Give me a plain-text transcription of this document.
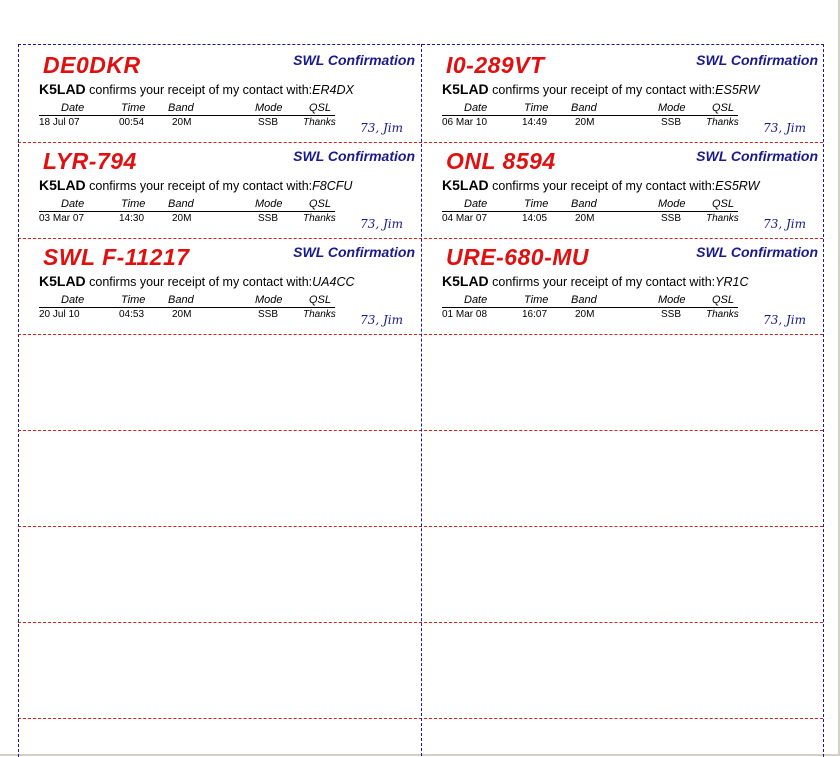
DE0DKR	SWL Confirmation
K5LAD confirms your receipt of my contact with:ER4DX
Date	Time Band	Mode QSL
18 Jul 07	00:54	20M	SSB Thanks 73, Jim
I0-289VT	SWL Confirmation
K5LAD confirms your receipt of my contact with:ES5RW
Date	Time Band	Mode QSL
06 Mar 10	14:49	20M	SSB Thanks 73, Jim
LYR-794	SWL Confirmation
K5LAD confirms your receipt of my contact with:F8CFU
Date	Time Band	Mode QSL
03 Mar 07	14:30	20M	SSB Thanks 73, Jim
ONL 8594	SWL Confirmation
K5LAD confirms your receipt of my contact with:ES5RW
Date	Time Band	Mode QSL
04 Mar 07	14:05	20M	SSB Thanks 73, Jim
SWL F-11217	SWL Confirmation
K5LAD confirms your receipt of my contact with:UA4CC
Date	Time Band	Mode QSL
20 Jul 10	04:53	20M	SSB Thanks 73, Jim
URE-680-MU	SWL Confirmation
K5LAD confirms your receipt of my contact with:YR1C
Date	Time Band	Mode QSL
01 Mar 08	16:07	20M	SSB Thanks 73, Jim
